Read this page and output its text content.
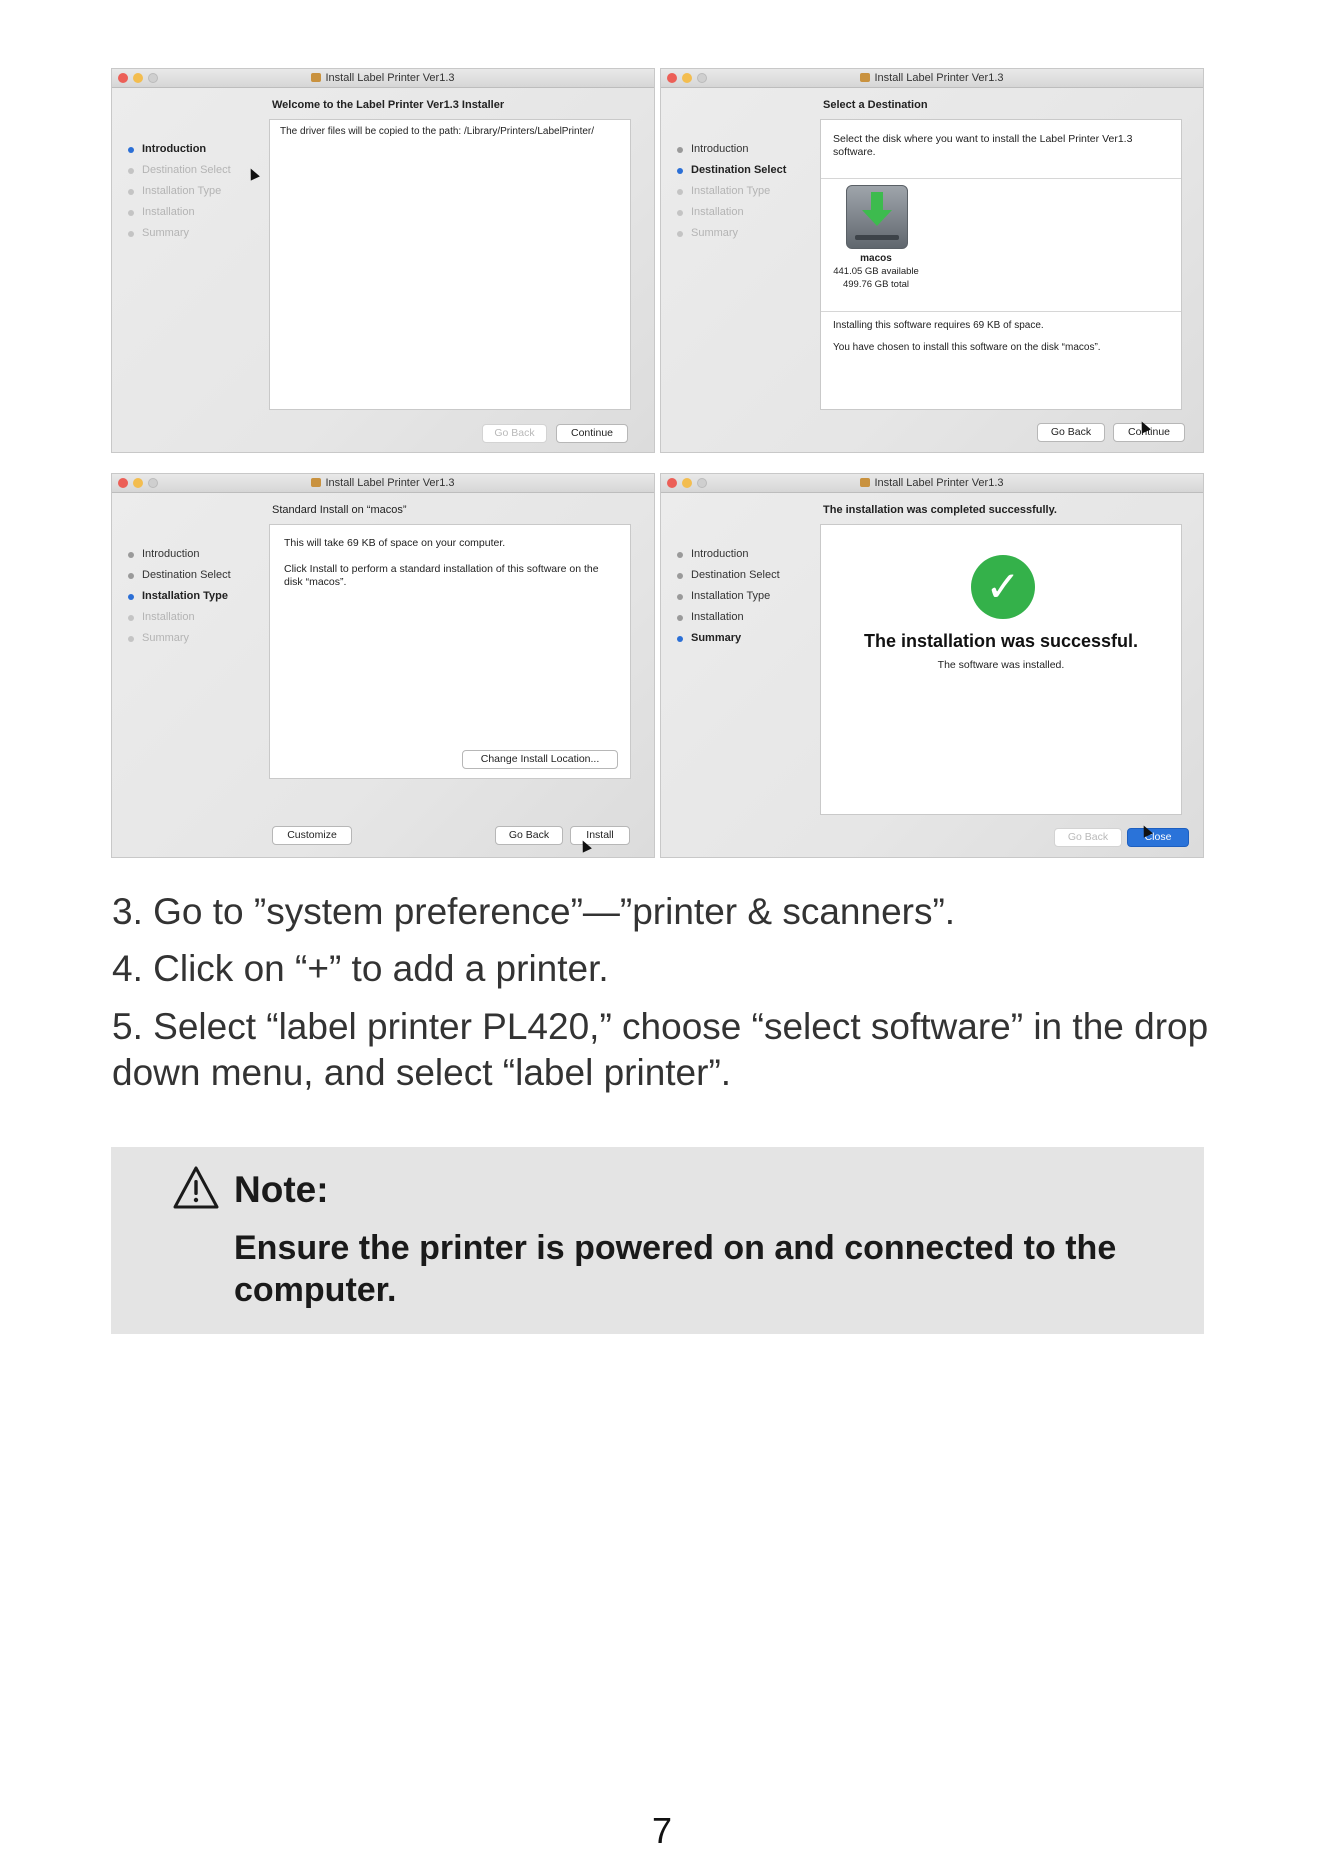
Install Label Printer Ver1.3
Welcome to the Label Printer Ver1.3 Installer
Introduction
Destination Select
Installation Type
Installation
Summary
The driver files will be copied to the path: /Library/Printers/LabelPrinter/
Go Back	Continue
Install Label Printer Ver1.3
Select a Destination
Introduction
Destination Select
Installation Type
Installation
Summary
Select the disk where you want to install the Label Printer Ver1.3 software.
macos
441.05 GB available
499.76 GB total
Installing this software requires 69 KB of space.
You have chosen to install this software on the disk “macos”.
Go Back	Continue
Install Label Printer Ver1.3
Standard Install on “macos”
Introduction
Destination Select
Installation Type
Installation
Summary
This will take 69 KB of space on your computer.
Click Install to perform a standard installation of this software on the disk “macos”.
Change Install Location...
Customize	Go Back	Install
Install Label Printer Ver1.3
The installation was completed successfully.
Introduction
Destination Select
Installation Type
Installation
Summary
✓
The installation was successful.
The software was installed.
Go Back	Close
3. Go to ”system preference”—”printer & scanners”.
4. Click on “+” to add a printer.
5. Select “label printer PL420,” choose “select software” in the drop down menu, and select “label printer”.
Note:
Ensure the printer is powered on and connected to the computer.
7
